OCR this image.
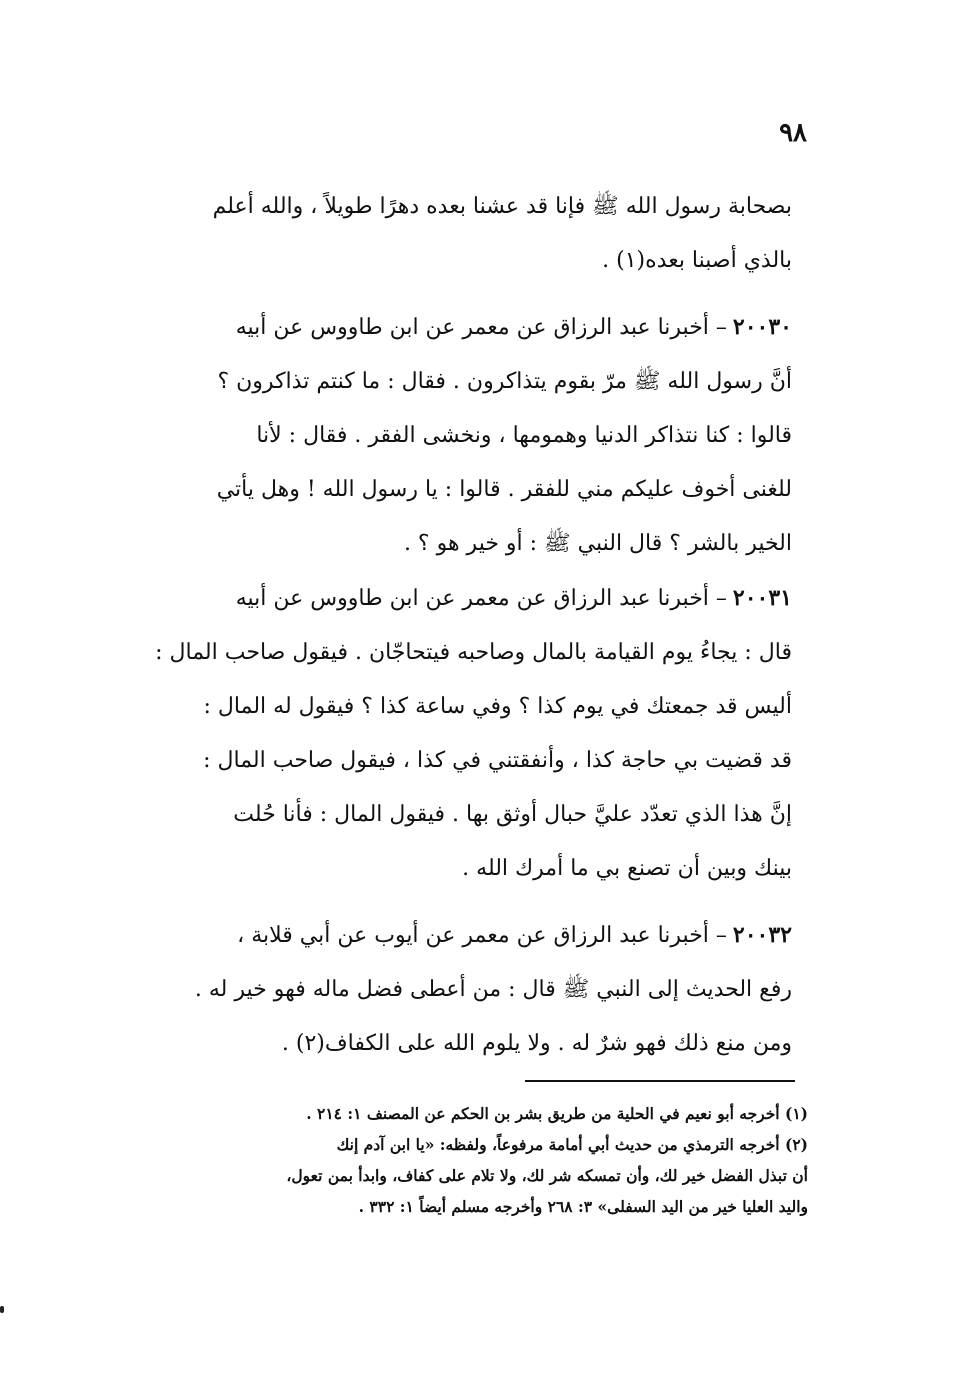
٩٨

بصحابة رسول الله ﷺ فإنا قد عشنا بعده دهرًا طويلاً ، والله أعلم
بالذي أصبنا بعده(١) .

٢٠٠٣٠– أخبرنا عبد الرزاق عن معمر عن ابن طاووس عن أبيه
أنَّ رسول الله ﷺ مرّ بقوم يتذاكرون . فقال : ما كنتم تذاكرون ؟
قالوا : كنا نتذاكر الدنيا وهمومها ، ونخشى الفقر . فقال : لأنا
للغنى أخوف عليكم مني للفقر . قالوا : يا رسول الله ! وهل يأتي
الخير بالشر ؟ قال النبي ﷺ : أو خير هو ؟ .

٢٠٠٣١– أخبرنا عبد الرزاق عن معمر عن ابن طاووس عن أبيه
قال : يجاءُ يوم القيامة بالمال وصاحبه فيتحاجّان . فيقول صاحب المال :
أليس قد جمعتك في يوم كذا ؟ وفي ساعة كذا ؟ فيقول له المال :
قد قضيت بي حاجة كذا ، وأنفقتني في كذا ، فيقول صاحب المال :
إنَّ هذا الذي تعدّد عليَّ حبال أوثق بها . فيقول المال : فأنا حُلت
بينك وبين أن تصنع بي ما أمرك الله .

٢٠٠٣٢– أخبرنا عبد الرزاق عن معمر عن أيوب عن أبي قلابة ،
رفع الحديث إلى النبي ﷺ قال : من أعطى فضل ماله فهو خير له .
ومن منع ذلك فهو شرٌ له . ولا يلوم الله على الكفاف(٢) .

(١) أخرجه أبو نعيم في الحلية من طريق بشر بن الحكم عن المصنف ١: ٢١٤ .
(٢) أخرجه الترمذي من حديث أبي أمامة مرفوعاً، ولفظه: «يا ابن آدم إنك
أن تبذل الفضل خير لك، وأن تمسكه شر لك، ولا تلام على كفاف، وابدأ بمن تعول،
واليد العليا خير من اليد السفلى» ٣: ٢٦٨ وأخرجه مسلم أيضاً ١: ٣٣٢ .
